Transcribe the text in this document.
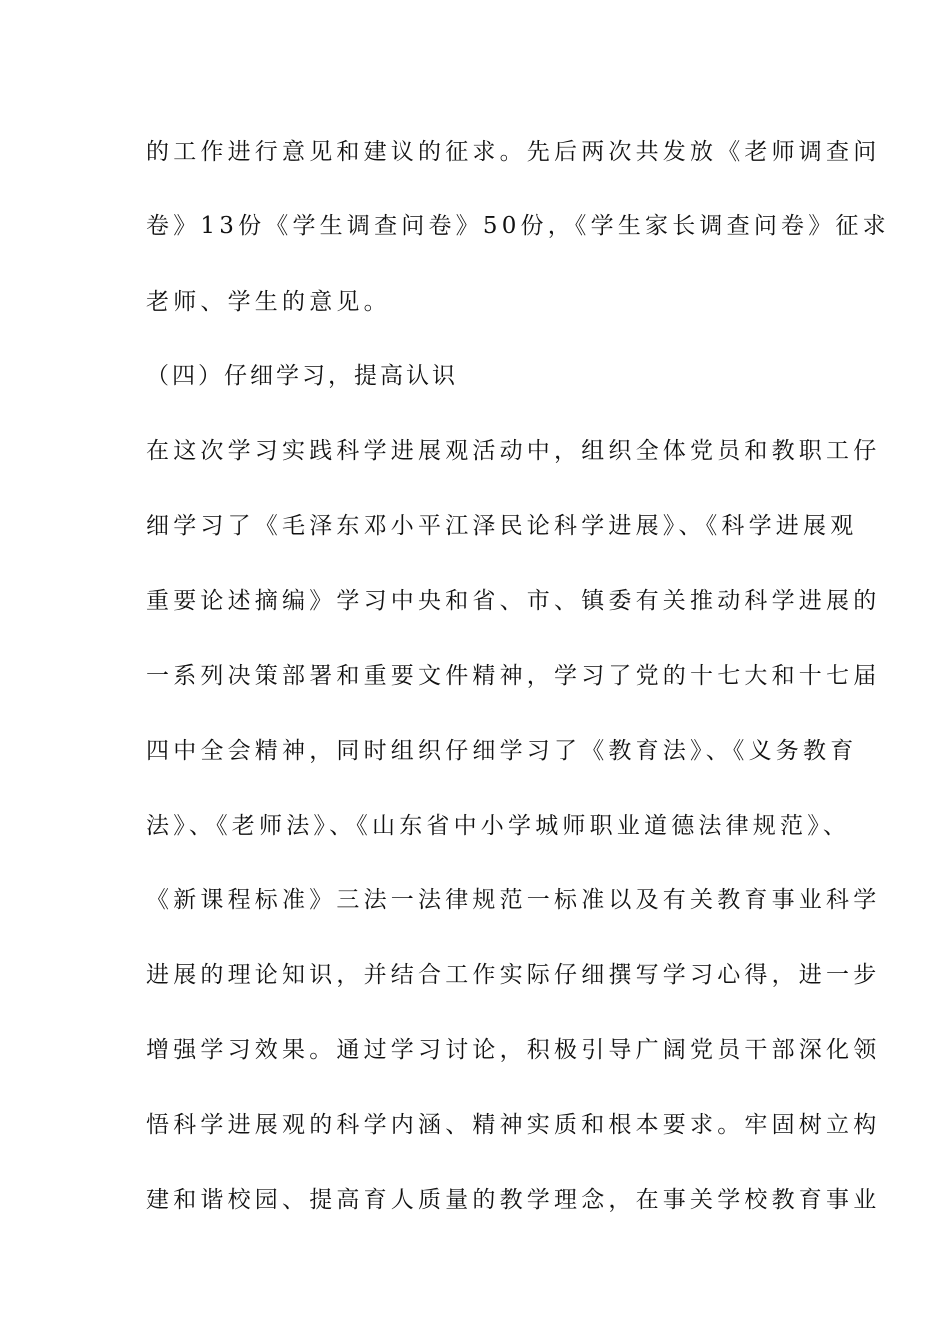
的工作进行意见和建议的征求。先后两次共发放《老师调查问
卷》13份《学生调查问卷》50份，《学生家长调查问卷》征求
老师、学生的意见。
（四）仔细学习，提高认识
在这次学习实践科学进展观活动中，组织全体党员和教职工仔
细学习了《毛泽东邓小平江泽民论科学进展》、《科学进展观
重要论述摘编》学习中央和省、市、镇委有关推动科学进展的
一系列决策部署和重要文件精神，学习了党的十七大和十七届
四中全会精神，同时组织仔细学习了《教育法》、《义务教育
法》、《老师法》、《山东省中小学城师职业道德法律规范》、
《新课程标准》三法一法律规范一标准以及有关教育事业科学
进展的理论知识，并结合工作实际仔细撰写学习心得，进一步
增强学习效果。通过学习讨论，积极引导广阔党员干部深化领
悟科学进展观的科学内涵、精神实质和根本要求。牢固树立构
建和谐校园、提高育人质量的教学理念，在事关学校教育事业
